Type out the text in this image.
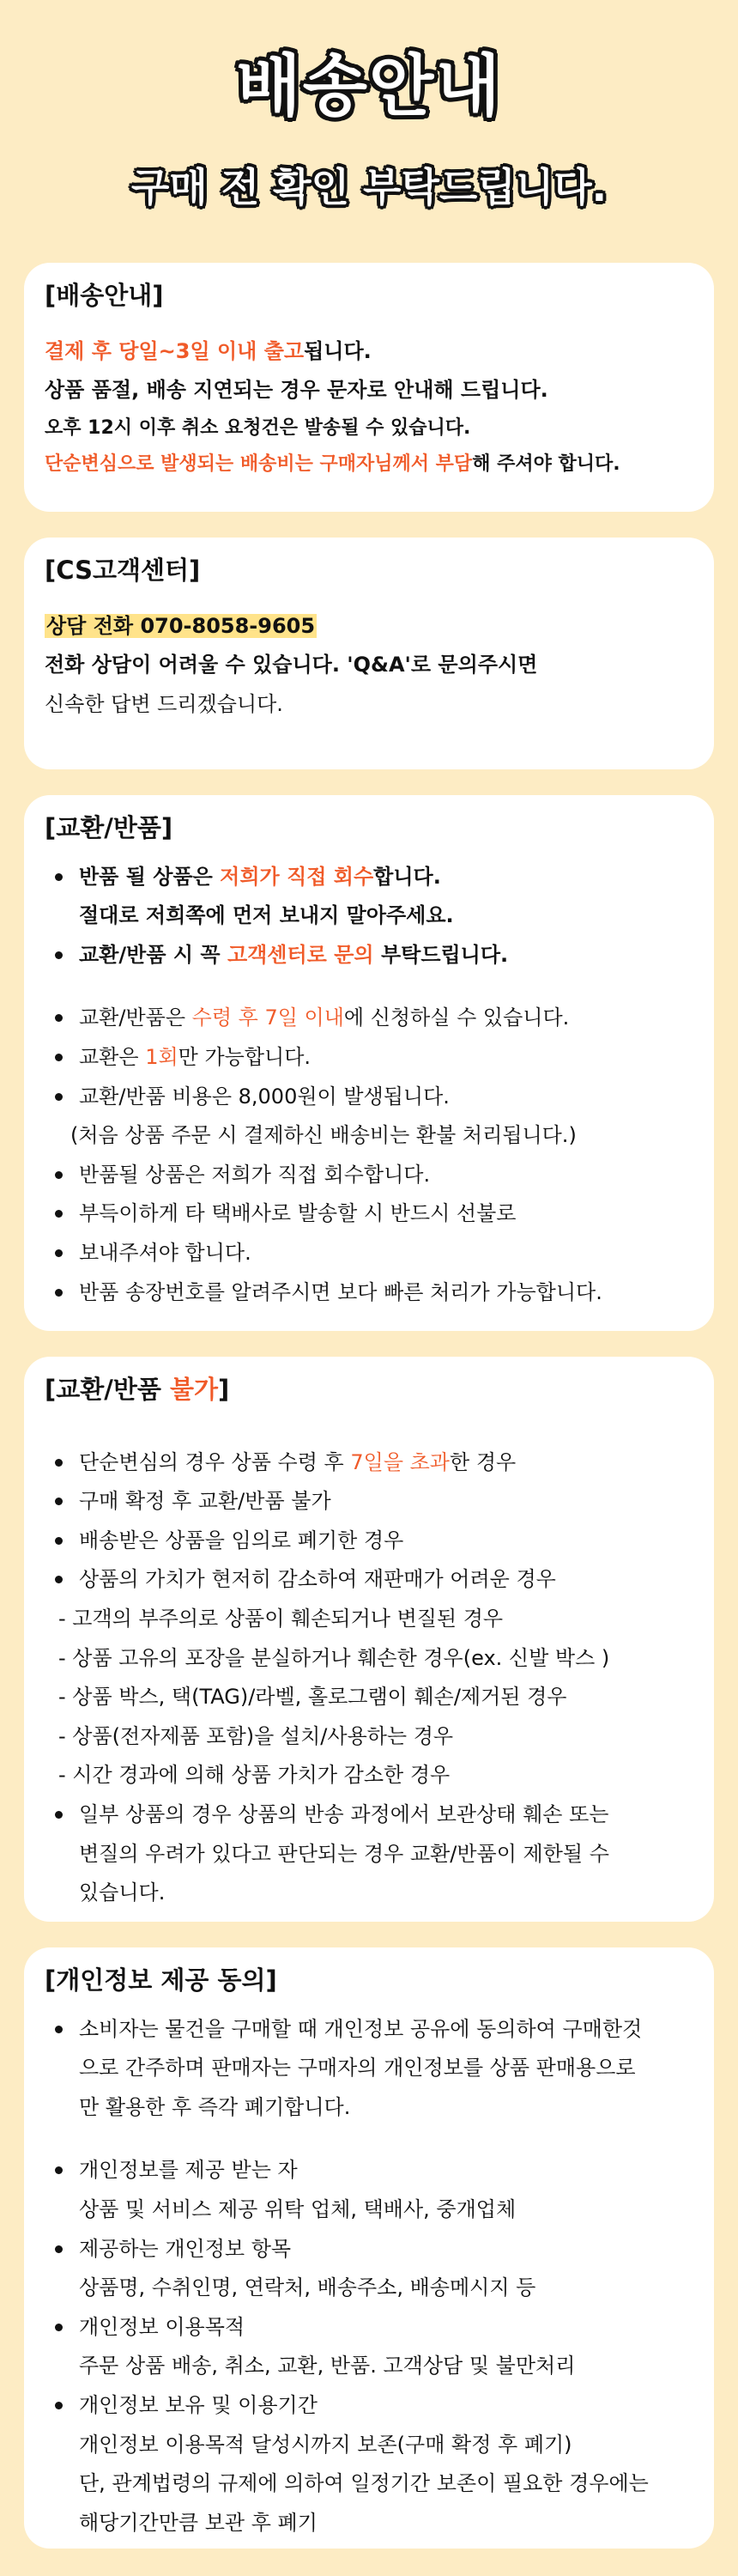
배송안내
구매 전 확인 부탁드립니다.
[배송안내]
결제 후 당일~3일 이내 출고됩니다.
상품 품절, 배송 지연되는 경우 문자로 안내해 드립니다.
오후 12시 이후 취소 요청건은 발송될 수 있습니다.
단순변심으로 발생되는 배송비는 구매자님께서 부담해 주셔야 합니다.
[CS고객센터]
상담 전화 070-8058-9605
전화 상담이 어려울 수 있습니다. 'Q&A'로 문의주시면
신속한 답변 드리겠습니다.
[교환/반품]
반품 될 상품은 저희가 직접 회수합니다.
절대로 저희쪽에 먼저 보내지 말아주세요.
교환/반품 시 꼭 고객센터로 문의 부탁드립니다.
교환/반품은 수령 후 7일 이내에 신청하실 수 있습니다.
교환은 1회만 가능합니다.
교환/반품 비용은 8,000원이 발생됩니다.
(처음 상품 주문 시 결제하신 배송비는 환불 처리됩니다.)
반품될 상품은 저희가 직접 회수합니다.
부득이하게 타 택배사로 발송할 시 반드시 선불로
보내주셔야 합니다.
반품 송장번호를 알려주시면 보다 빠른 처리가 가능합니다.
[교환/반품 불가]
단순변심의 경우 상품 수령 후 7일을 초과한 경우
구매 확정 후 교환/반품 불가
배송받은 상품을 임의로 폐기한 경우
상품의 가치가 현저히 감소하여 재판매가 어려운 경우
- 고객의 부주의로 상품이 훼손되거나 변질된 경우
- 상품 고유의 포장을 분실하거나 훼손한 경우(ex. 신발 박스 )
- 상품 박스, 택(TAG)/라벨, 홀로그램이 훼손/제거된 경우
- 상품(전자제품 포함)을 설치/사용하는 경우
- 시간 경과에 의해 상품 가치가 감소한 경우
일부 상품의 경우 상품의 반송 과정에서 보관상태 훼손 또는
변질의 우려가 있다고 판단되는 경우 교환/반품이 제한될 수
있습니다.
[개인정보 제공 동의]
소비자는 물건을 구매할 때 개인정보 공유에 동의하여 구매한것
으로 간주하며 판매자는 구매자의 개인정보를 상품 판매용으로
만 활용한 후 즉각 폐기합니다.
개인정보를 제공 받는 자
상품 및 서비스 제공 위탁 업체, 택배사, 중개업체
제공하는 개인정보 항목
상품명, 수취인명, 연락처, 배송주소, 배송메시지 등
개인정보 이용목적
주문 상품 배송, 취소, 교환, 반품. 고객상담 및 불만처리
개인정보 보유 및 이용기간
개인정보 이용목적 달성시까지 보존(구매 확정 후 폐기)
단, 관계법령의 규제에 의하여 일정기간 보존이 필요한 경우에는
해당기간만큼 보관 후 폐기
